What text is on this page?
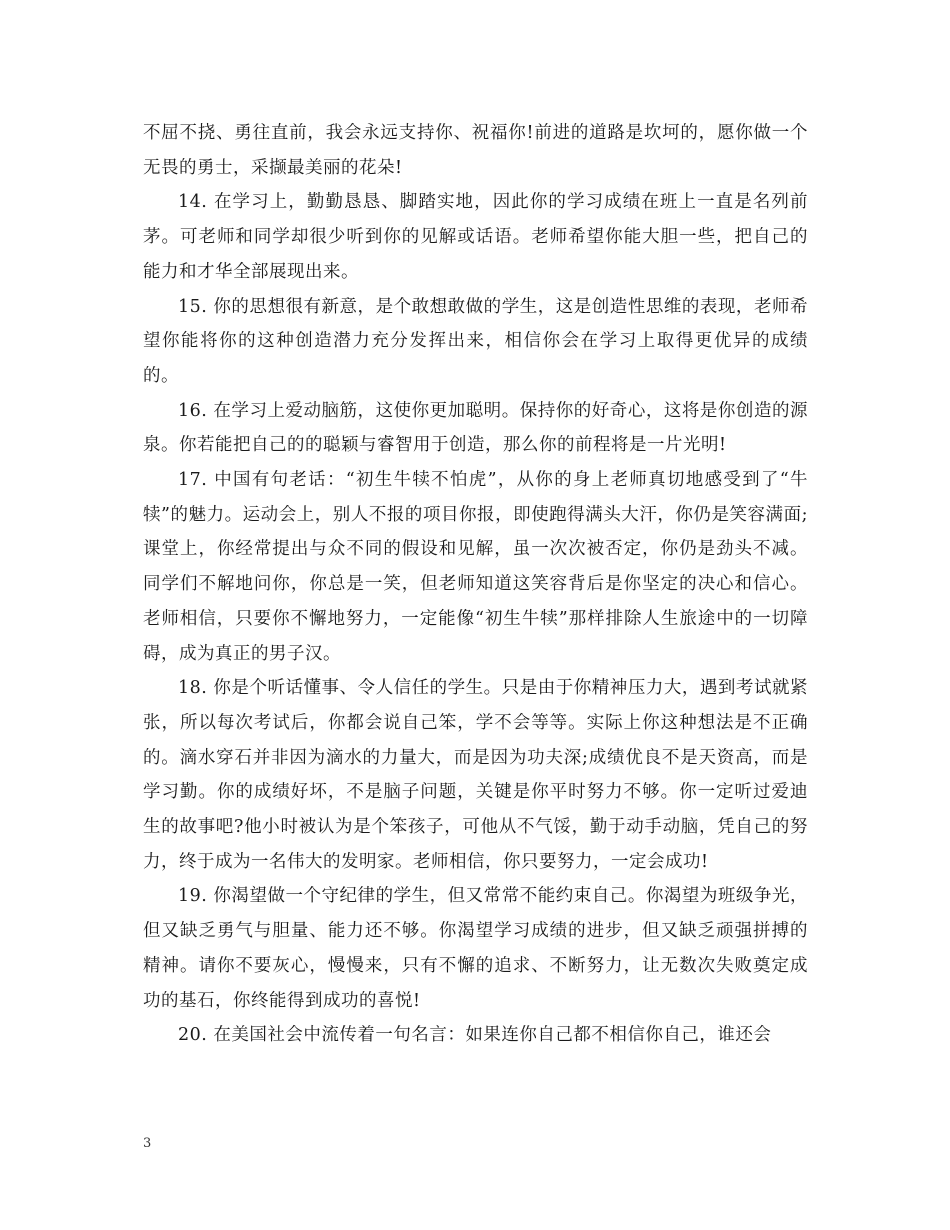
不屈不挠、勇往直前，我会永远支持你、祝福你!前进的道路是坎坷的，愿你做一个无畏的勇士，采撷最美丽的花朵!

14. 在学习上，勤勤恳恳、脚踏实地，因此你的学习成绩在班上一直是名列前茅。可老师和同学却很少听到你的见解或话语。老师希望你能大胆一些，把自己的能力和才华全部展现出来。

15. 你的思想很有新意，是个敢想敢做的学生，这是创造性思维的表现，老师希望你能将你的这种创造潜力充分发挥出来，相信你会在学习上取得更优异的成绩的。

16. 在学习上爱动脑筋，这使你更加聪明。保持你的好奇心，这将是你创造的源泉。你若能把自己的的聪颖与睿智用于创造，那么你的前程将是一片光明!

17. 中国有句老话：“初生牛犊不怕虎”，从你的身上老师真切地感受到了“牛犊”的魅力。运动会上，别人不报的项目你报，即使跑得满头大汗，你仍是笑容满面;课堂上，你经常提出与众不同的假设和见解，虽一次次被否定，你仍是劲头不减。同学们不解地问你，你总是一笑，但老师知道这笑容背后是你坚定的决心和信心。老师相信，只要你不懈地努力，一定能像“初生牛犊”那样排除人生旅途中的一切障碍，成为真正的男子汉。

18. 你是个听话懂事、令人信任的学生。只是由于你精神压力大，遇到考试就紧张，所以每次考试后，你都会说自己笨，学不会等等。实际上你这种想法是不正确的。滴水穿石并非因为滴水的力量大，而是因为功夫深;成绩优良不是天资高，而是学习勤。你的成绩好坏，不是脑子问题，关键是你平时努力不够。你一定听过爱迪生的故事吧?他小时被认为是个笨孩子，可他从不气馁，勤于动手动脑，凭自己的努力，终于成为一名伟大的发明家。老师相信，你只要努力，一定会成功!

19. 你渴望做一个守纪律的学生，但又常常不能约束自己。你渴望为班级争光，但又缺乏勇气与胆量、能力还不够。你渴望学习成绩的进步，但又缺乏顽强拼搏的精神。请你不要灰心，慢慢来，只有不懈的追求、不断努力，让无数次失败奠定成功的基石，你终能得到成功的喜悦!

20. 在美国社会中流传着一句名言：如果连你自己都不相信你自己，谁还会

3
